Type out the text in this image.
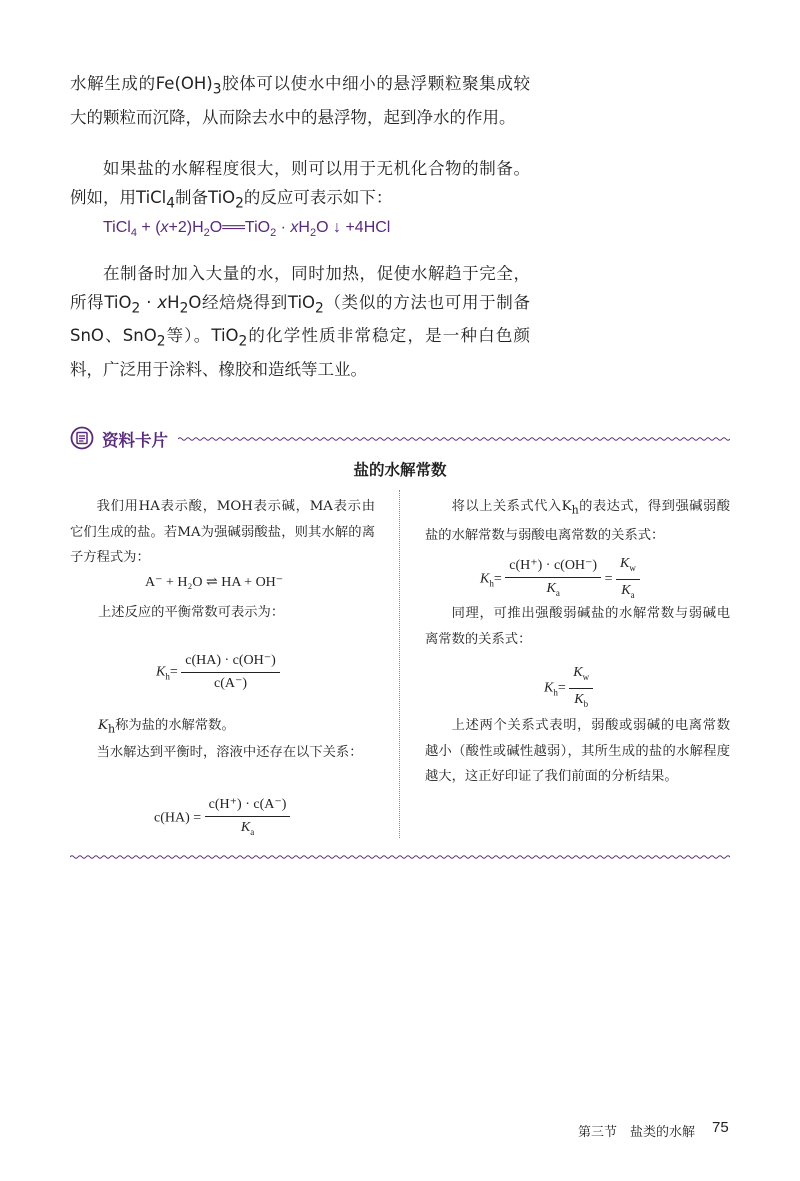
水解生成的$Fe(OH)_3$胶体可以使水中细小的悬浮颗粒聚集成较大的颗粒而沉降，从而除去水中的悬浮物，起到净水的作用。
如果盐的水解程度很大，则可以用于无机化合物的制备。例如，用TiCl$_4$制备TiO$_2$的反应可表示如下：
TiCl$_4$ + $(x+2)H_2O══TiO_2 \cdot xH_2O$ ↓ +4HCl
在制备时加入大量的水，同时加热，促使水解趋于完全，所得$TiO_2 \cdot xH_2O$经焙烧得到TiO$_2$（类似的方法也可用于制备SnO、SnO$_2$等）。TiO$_2$的化学性质非常稳定，是一种白色颜料，广泛用于涂料、橡胶和造纸等工业。
资料卡片
盐的水解常数
我们用HA表示酸，MOH表示碱，MA表示由它们生成的盐。若MA为强碱弱酸盐，则其水解的离子方程式为：
A⁻ + H₂O ⇌ HA + OH⁻
上述反应的平衡常数可表示为：
$K_h= \frac{c(HA) \cdot c(OH^-)}{c(A^-)}$
$K_h$称为盐的水解常数。
当水解达到平衡时，溶液中还存在以下关系：
$c(HA) = \frac{c(H^+) \cdot c(A^-)}{K_a}$
将以上关系式代入$K_h$的表达式，得到强碱弱酸盐的水解常数与弱酸电离常数的关系式：
$K_h= \frac{c(H^+) \cdot c(OH^-)}{K_a} = \frac{K_w}{K_a}$
同理，可推出强酸弱碱盐的水解常数与弱碱电离常数的关系式：
$K_h= \frac{K_w}{K_b}$
上述两个关系式表明，弱酸或弱碱的电离常数越小（酸性或碱性越弱），其所生成的盐的水解程度越大，这正好印证了我们前面的分析结果。
第三节　盐类的水解 75
